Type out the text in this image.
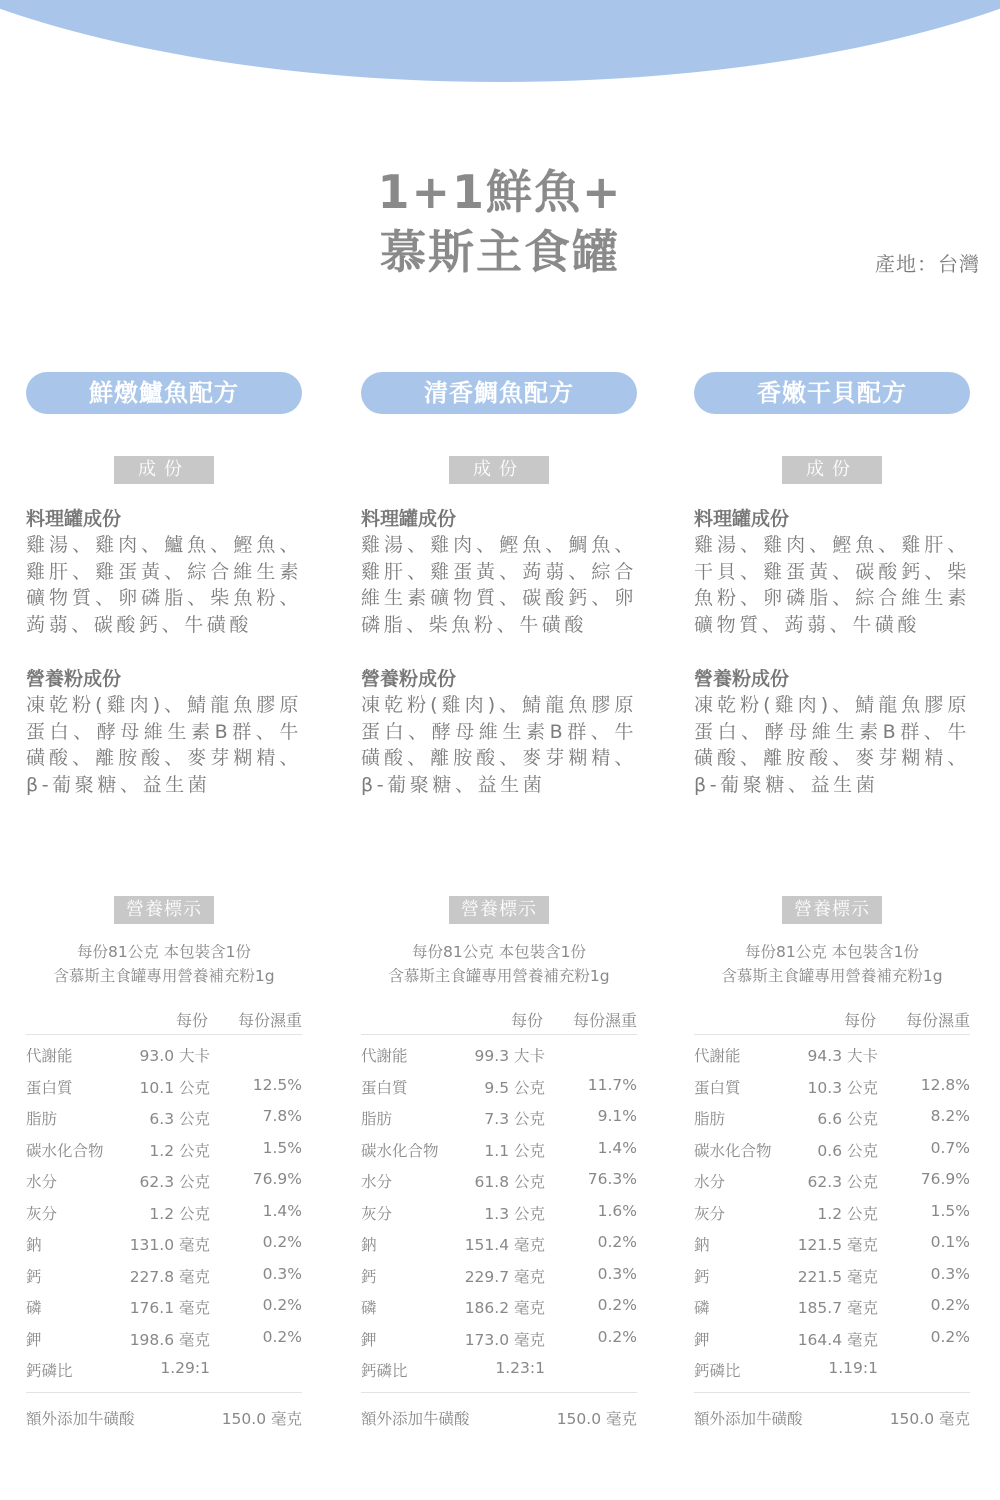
1+1鮮魚+
慕斯主食罐	產地：台灣
鮮燉鱸魚配方
成份
料理罐成份
雞湯、雞肉、鱸魚、鰹魚、雞肝、雞蛋黃、綜合維生素礦物質、卵磷脂、柴魚粉、蒟蒻、碳酸鈣、牛磺酸
營養粉成份
凍乾粉(雞肉)、鯖龍魚膠原蛋白、酵母維生素B群、牛磺酸、離胺酸、麥芽糊精、β-葡聚糖、益生菌
營養標示
每份81公克 本包裝含1份
含慕斯主食罐專用營養補充粉1g
每份 每份濕重
代謝能	93.0 大卡
蛋白質	10.1 公克	12.5%
脂肪	6.3 公克	7.8%
碳水化合物	1.2 公克	1.5%
水分	62.3 公克	76.9%
灰分	1.2 公克	1.4%
鈉	131.0 毫克	0.2%
鈣	227.8 毫克	0.3%
磷	176.1 毫克	0.2%
鉀	198.6 毫克	0.2%
鈣磷比	1.29:1
額外添加牛磺酸	150.0 毫克
清香鯛魚配方
成份
料理罐成份
雞湯、雞肉、鰹魚、鯛魚、雞肝、雞蛋黃、蒟蒻、綜合維生素礦物質、碳酸鈣、卵磷脂、柴魚粉、牛磺酸
營養粉成份
凍乾粉(雞肉)、鯖龍魚膠原蛋白、酵母維生素B群、牛磺酸、離胺酸、麥芽糊精、β-葡聚糖、益生菌
營養標示
每份81公克 本包裝含1份
含慕斯主食罐專用營養補充粉1g
每份 每份濕重
代謝能	99.3 大卡
蛋白質	9.5 公克	11.7%
脂肪	7.3 公克	9.1%
碳水化合物	1.1 公克	1.4%
水分	61.8 公克	76.3%
灰分	1.3 公克	1.6%
鈉	151.4 毫克	0.2%
鈣	229.7 毫克	0.3%
磷	186.2 毫克	0.2%
鉀	173.0 毫克	0.2%
鈣磷比	1.23:1
額外添加牛磺酸	150.0 毫克
香嫩干貝配方
成份
料理罐成份
雞湯、雞肉、鰹魚、雞肝、干貝、雞蛋黃、碳酸鈣、柴魚粉、卵磷脂、綜合維生素礦物質、蒟蒻、牛磺酸
營養粉成份
凍乾粉(雞肉)、鯖龍魚膠原蛋白、酵母維生素B群、牛磺酸、離胺酸、麥芽糊精、β-葡聚糖、益生菌
營養標示
每份81公克 本包裝含1份
含慕斯主食罐專用營養補充粉1g
每份 每份濕重
代謝能	94.3 大卡
蛋白質	10.3 公克	12.8%
脂肪	6.6 公克	8.2%
碳水化合物	0.6 公克	0.7%
水分	62.3 公克	76.9%
灰分	1.2 公克	1.5%
鈉	121.5 毫克	0.1%
鈣	221.5 毫克	0.3%
磷	185.7 毫克	0.2%
鉀	164.4 毫克	0.2%
鈣磷比	1.19:1
額外添加牛磺酸	150.0 毫克
